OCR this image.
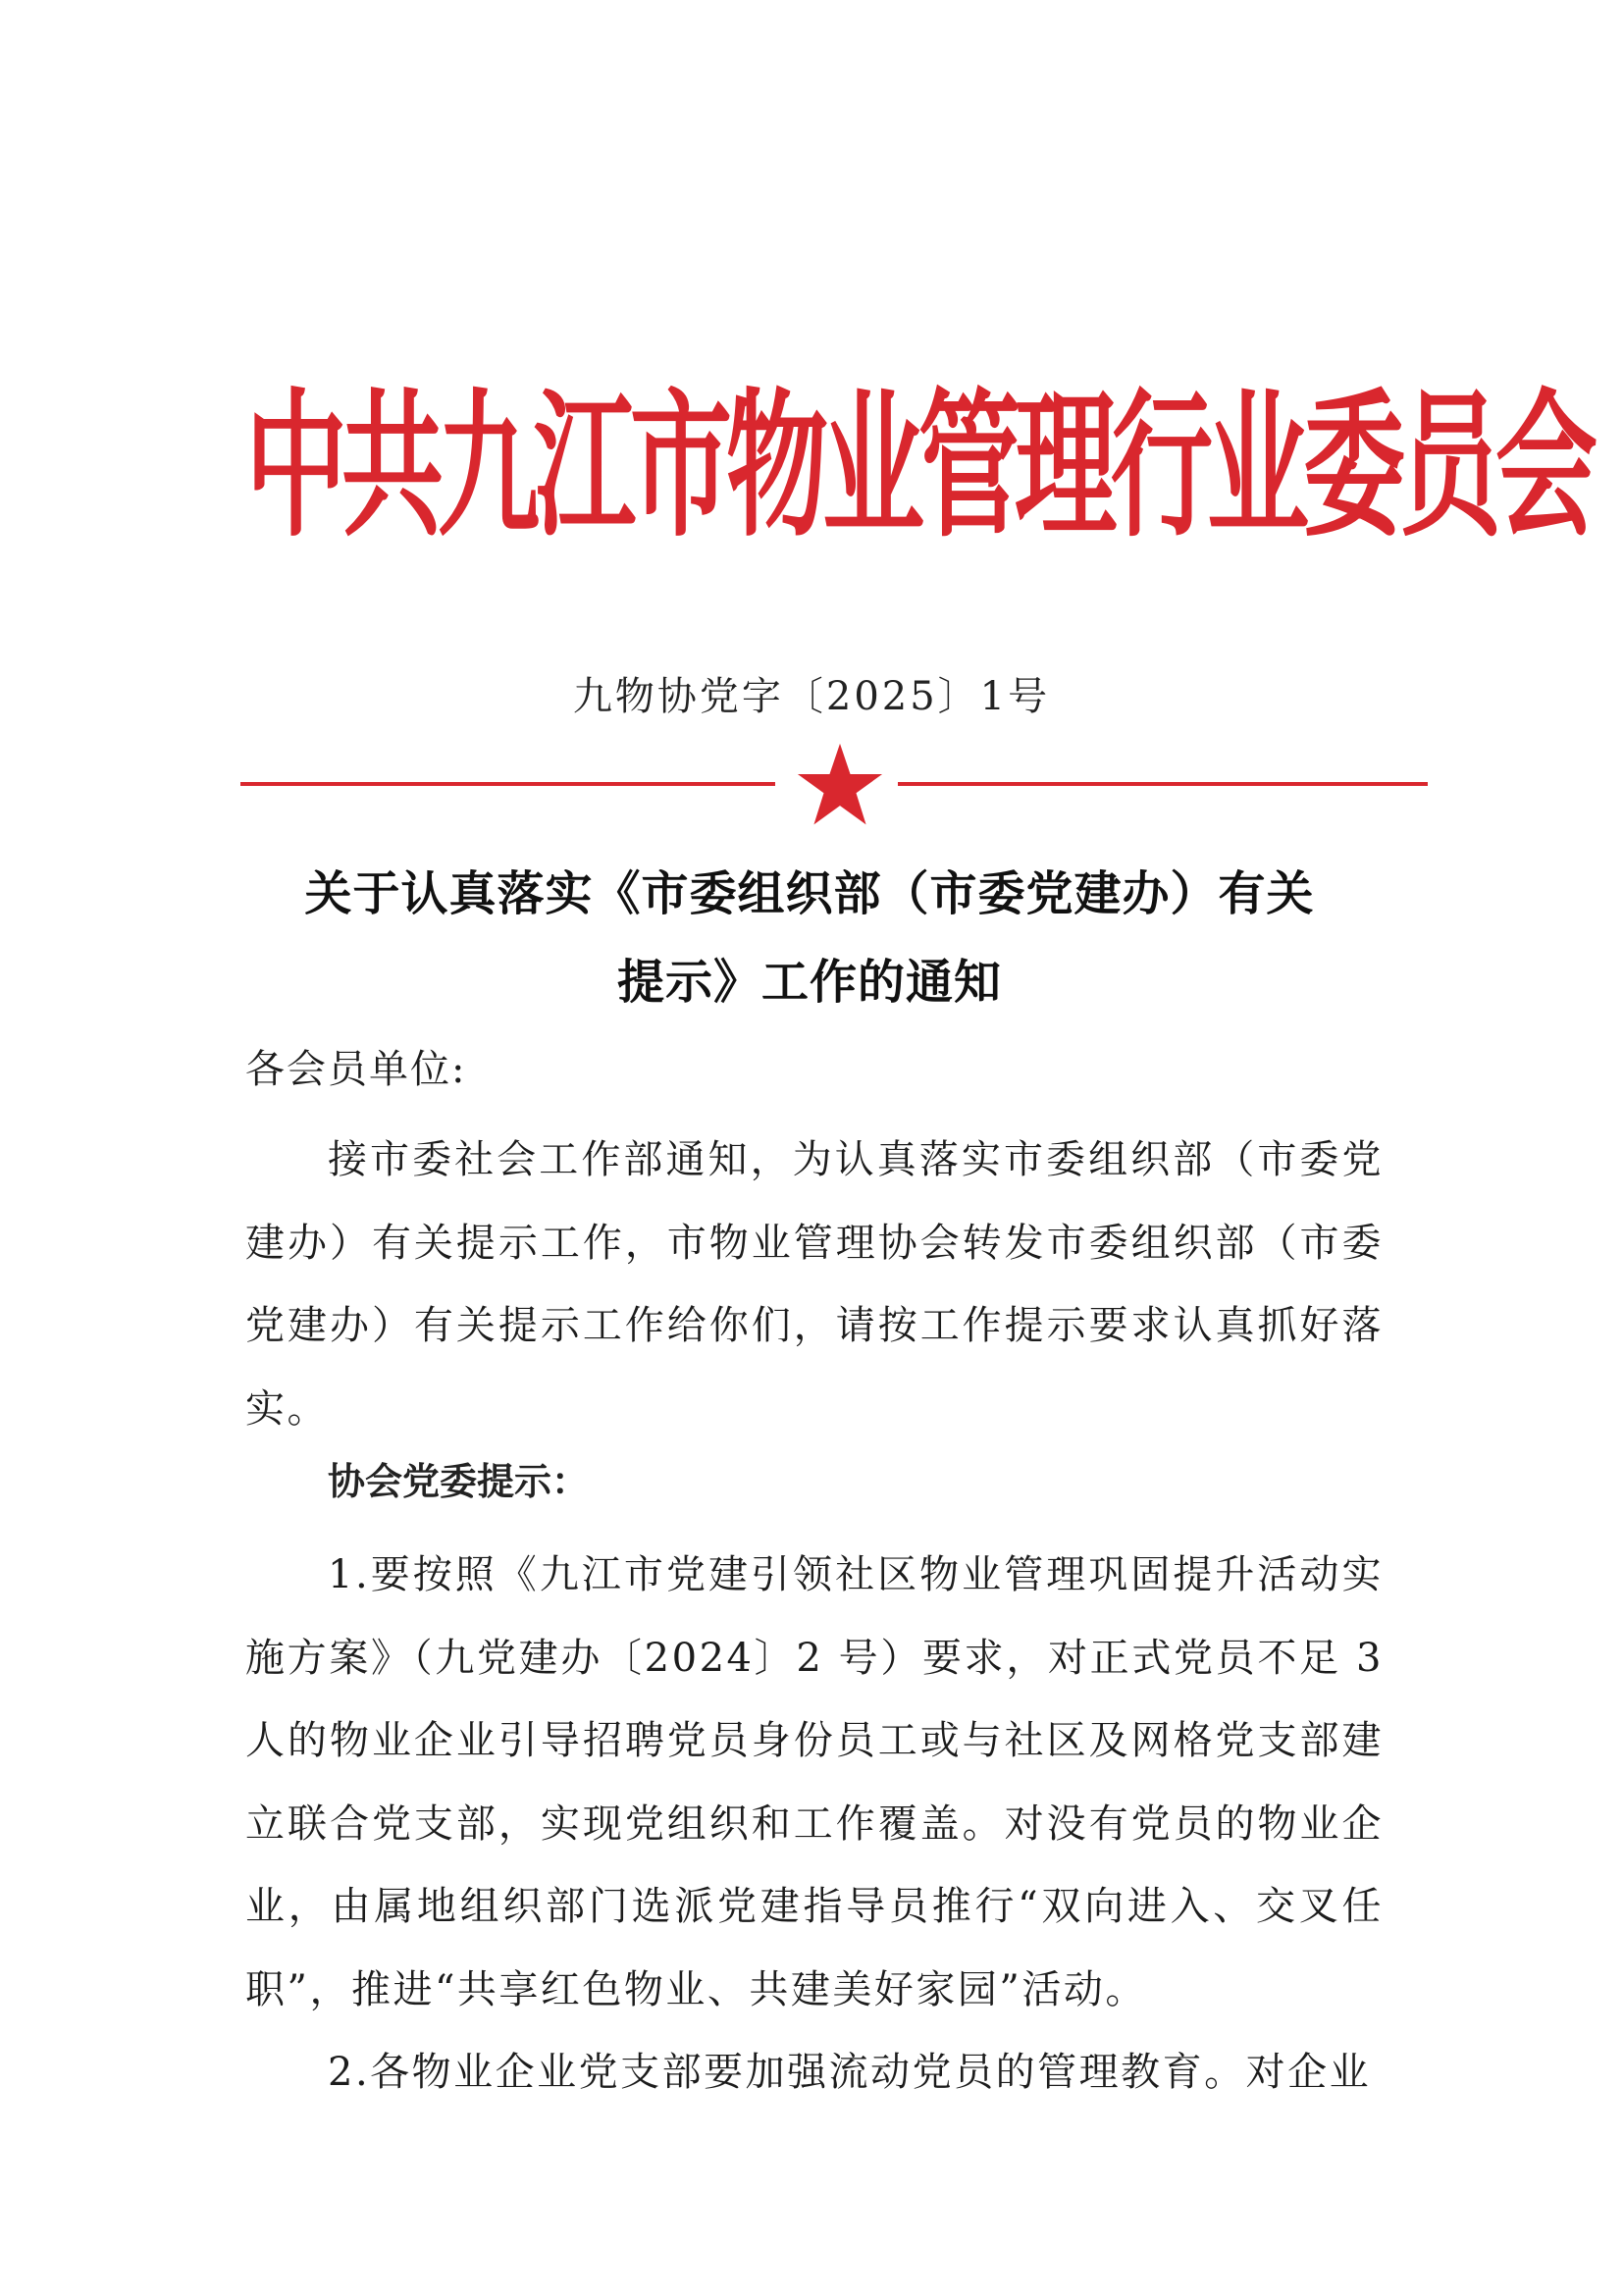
中共九江市物业管理行业委员会
九物协党字〔2025〕1号
关于认真落实《市委组织部（市委党建办）有关
提示》工作的通知

各会员单位:

接市委社会工作部通知，为认真落实市委组织部（市委党建办）有关提示工作，市物业管理协会转发市委组织部（市委党建办）有关提示工作给你们，请按工作提示要求认真抓好落实。

协会党委提示：

1.要按照《九江市党建引领社区物业管理巩固提升活动实施方案》（九党建办〔2024〕2 号）要求，对正式党员不足 3 人的物业企业引导招聘党员身份员工或与社区及网格党支部建立联合党支部，实现党组织和工作覆盖。对没有党员的物业企业，由属地组织部门选派党建指导员推行“双向进入、交叉任职”，推进“共享红色物业、共建美好家园”活动。

2.各物业企业党支部要加强流动党员的管理教育。对企业
